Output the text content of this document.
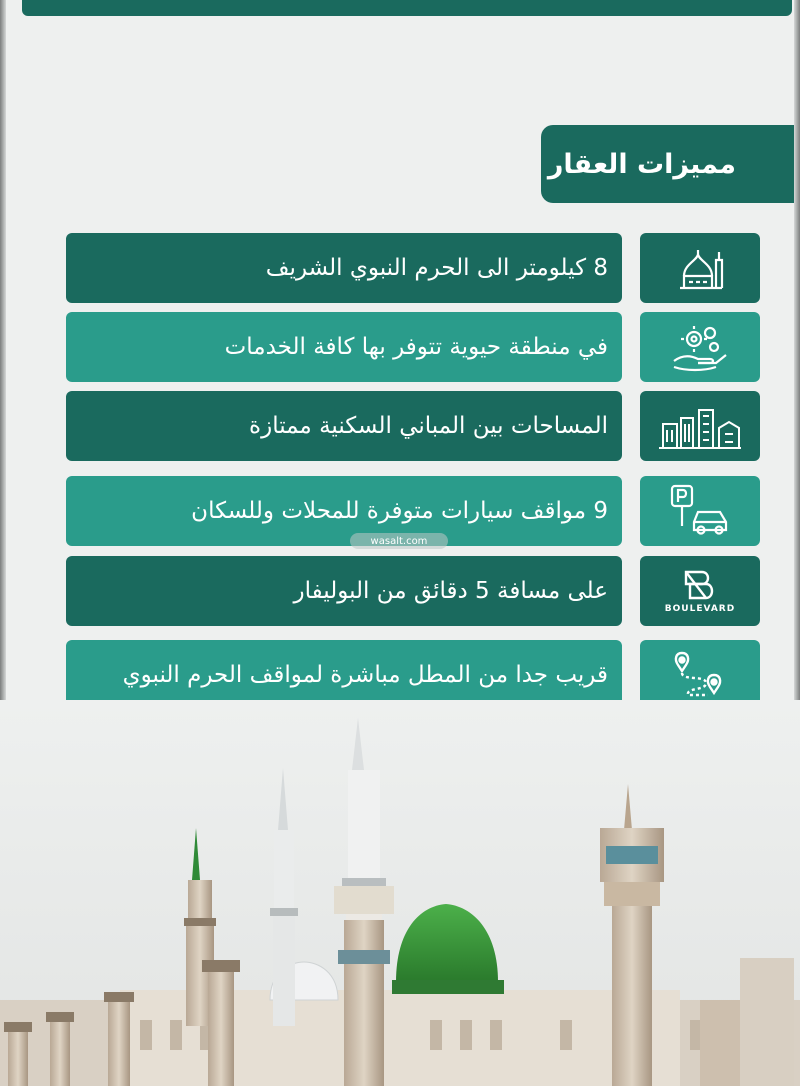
مميزات العقار
8 كيلومتر الى الحرم النبوي الشريف
في منطقة حيوية تتوفر بها كافة الخدمات
المساحات بين المباني السكنية ممتازة
9 مواقف سيارات متوفرة للمحلات وللسكان
على مسافة 5 دقائق من البوليفار
BOULEVARD
قريب جدا من المطل مباشرة لمواقف الحرم النبوي
wasalt.com
